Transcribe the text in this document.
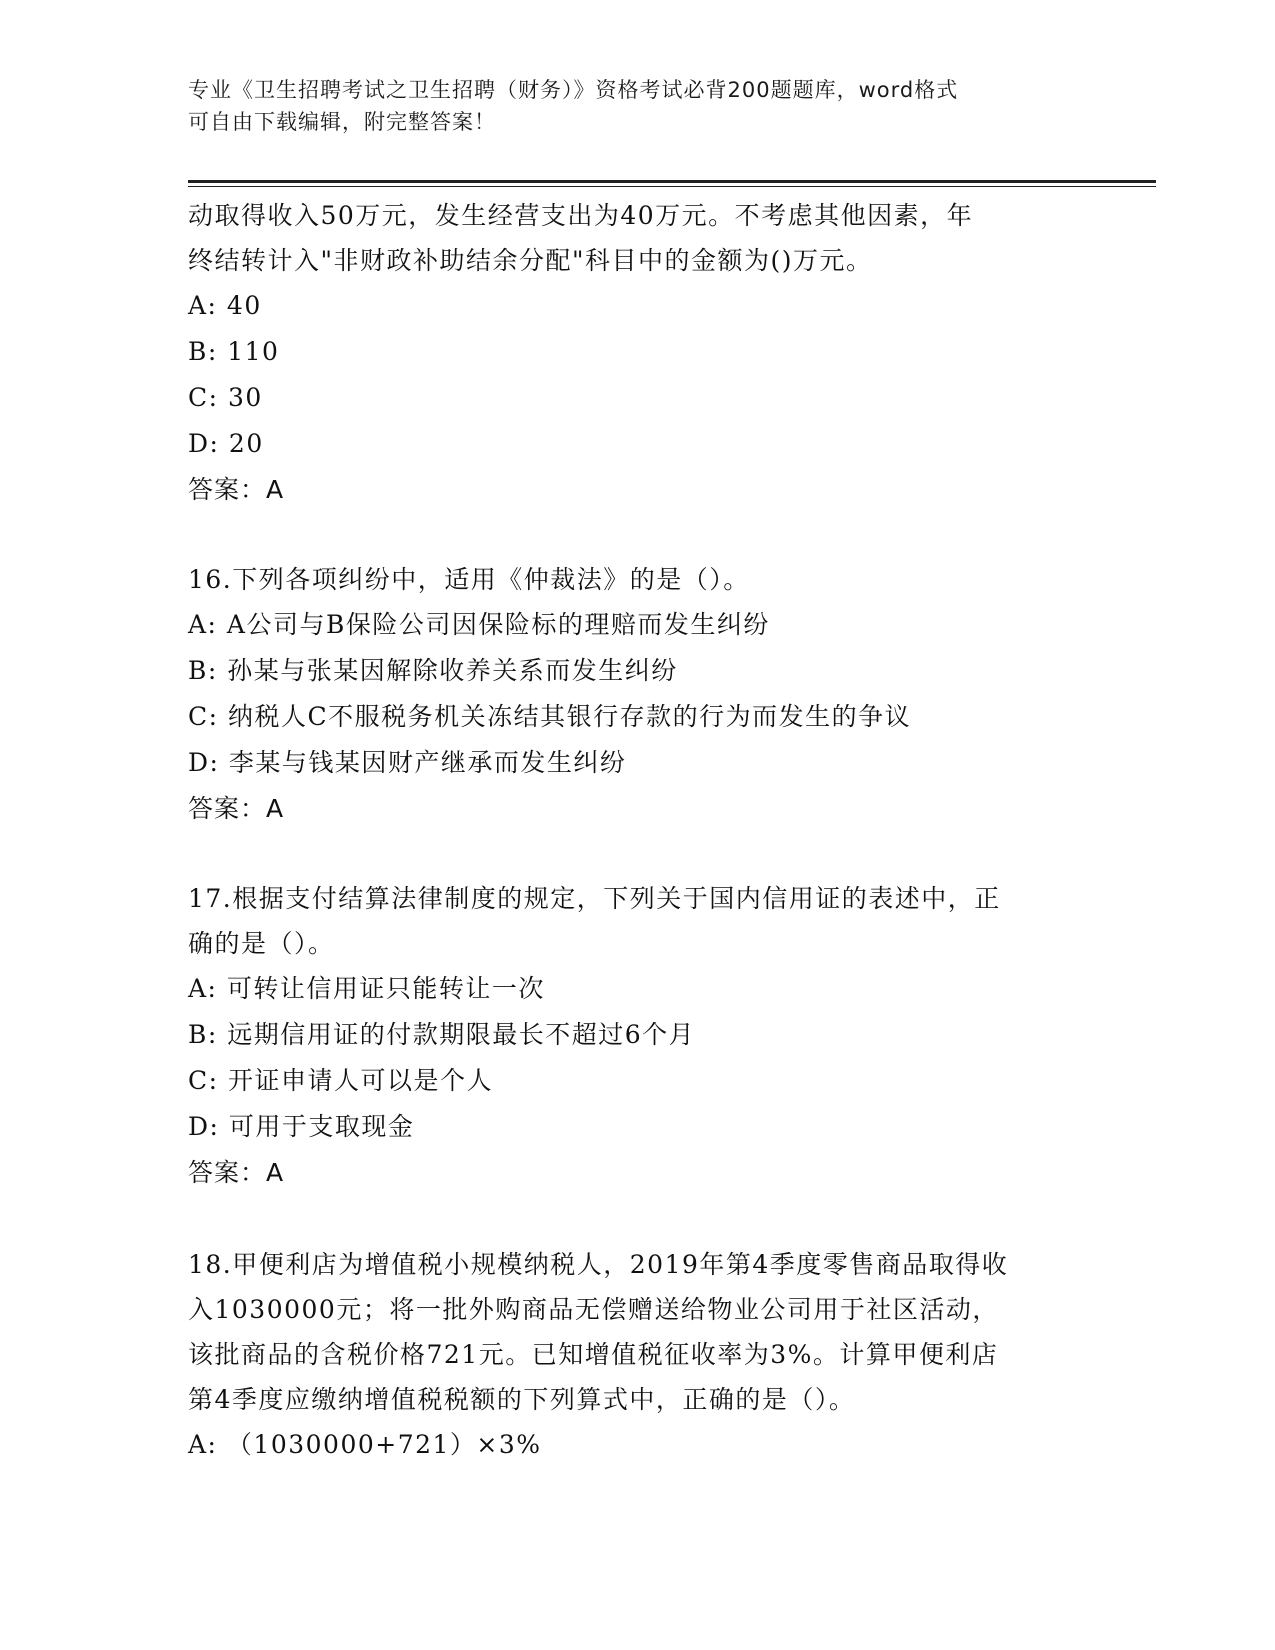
专业《卫生招聘考试之卫生招聘（财务）》资格考试必背200题题库，word格式

可自由下载编辑，附完整答案！

动取得收入50万元，发生经营支出为40万元。不考虑其他因素，年

终结转计入"非财政补助结余分配"科目中的金额为()万元。

A: 40

B: 110

C: 30

D: 20

答案：A

16.下列各项纠纷中，适用《仲裁法》的是（）。

A: A公司与B保险公司因保险标的理赔而发生纠纷

B: 孙某与张某因解除收养关系而发生纠纷

C: 纳税人C不服税务机关冻结其银行存款的行为而发生的争议

D: 李某与钱某因财产继承而发生纠纷

答案：A

17.根据支付结算法律制度的规定，下列关于国内信用证的表述中，正

确的是（）。

A: 可转让信用证只能转让一次

B: 远期信用证的付款期限最长不超过6个月

C: 开证申请人可以是个人

D: 可用于支取现金

答案：A

18.甲便利店为增值税小规模纳税人，2019年第4季度零售商品取得收

入1030000元；将一批外购商品无偿赠送给物业公司用于社区活动，

该批商品的含税价格721元。已知增值税征收率为3%。计算甲便利店

第4季度应缴纳增值税税额的下列算式中，正确的是（）。

A: （1030000+721）×3%
